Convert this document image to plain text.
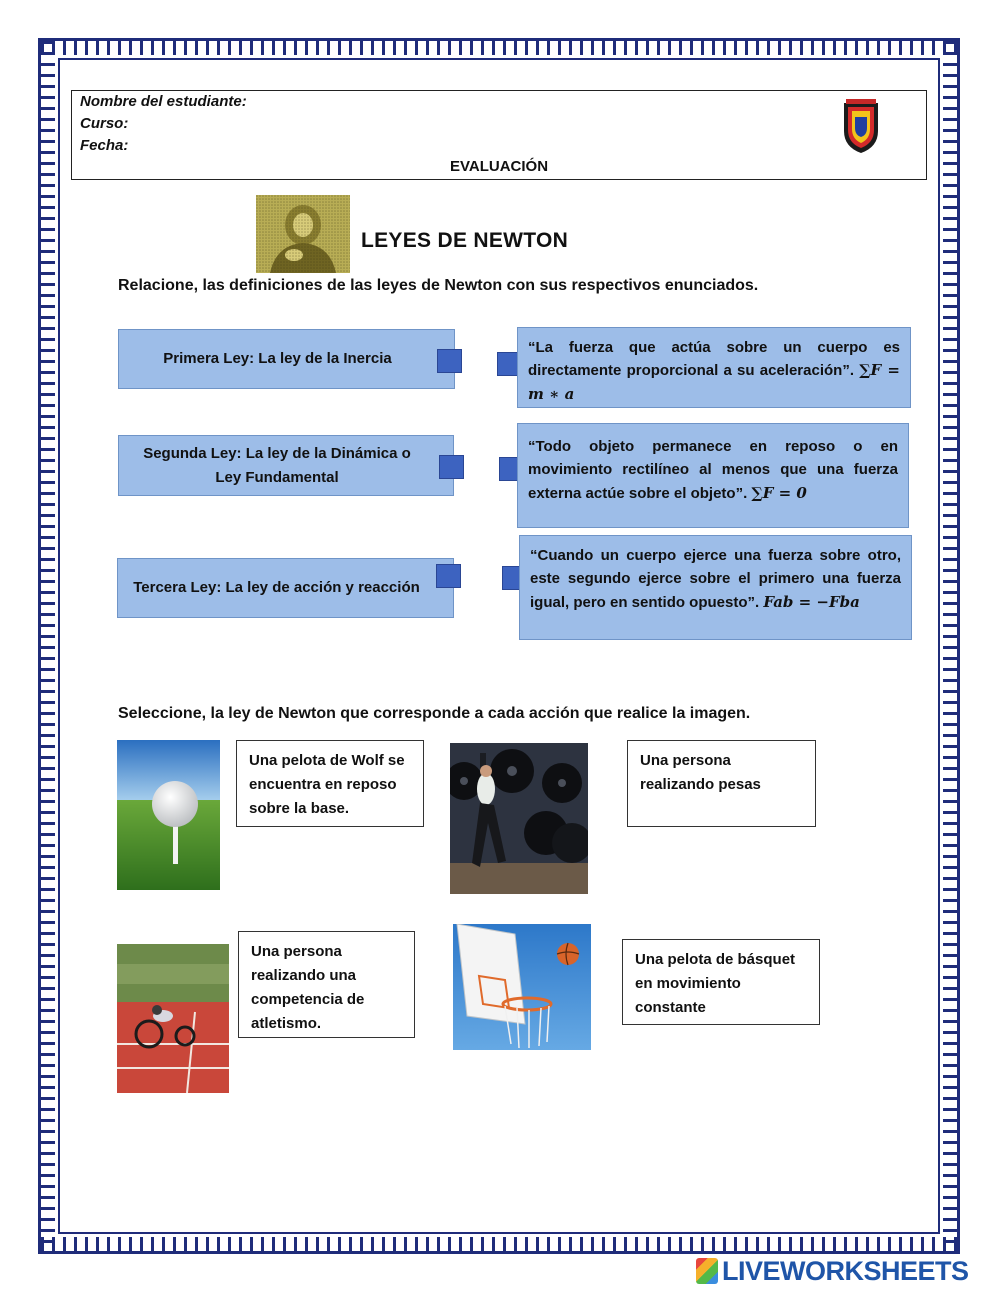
Nombre del estudiante:
Curso:
Fecha:
EVALUACIÓN
LEYES DE NEWTON
Relacione, las definiciones de las leyes de Newton con sus respectivos enunciados.
Primera Ley: La ley de la Inercia
Segunda Ley: La ley de la Dinámica o Ley Fundamental
Tercera Ley: La ley de acción y reacción
“La fuerza que actúa sobre un cuerpo es directamente proporcional a su aceleración”. ∑F = m ∗ a
“Todo objeto permanece en reposo o en movimiento rectilíneo al menos que una fuerza externa actúe sobre el objeto”. ∑F = 0
“Cuando un cuerpo ejerce una fuerza sobre otro, este segundo ejerce sobre el primero una fuerza igual, pero en sentido opuesto”. Fab = −Fba
Seleccione, la ley de Newton que corresponde a cada acción que realice la imagen.
Una pelota de Wolf se encuentra en reposo sobre la base.
Una persona realizando pesas
Una persona realizando una competencia de atletismo.
Una pelota de básquet en movimiento constante
LIVEWORKSHEETS
